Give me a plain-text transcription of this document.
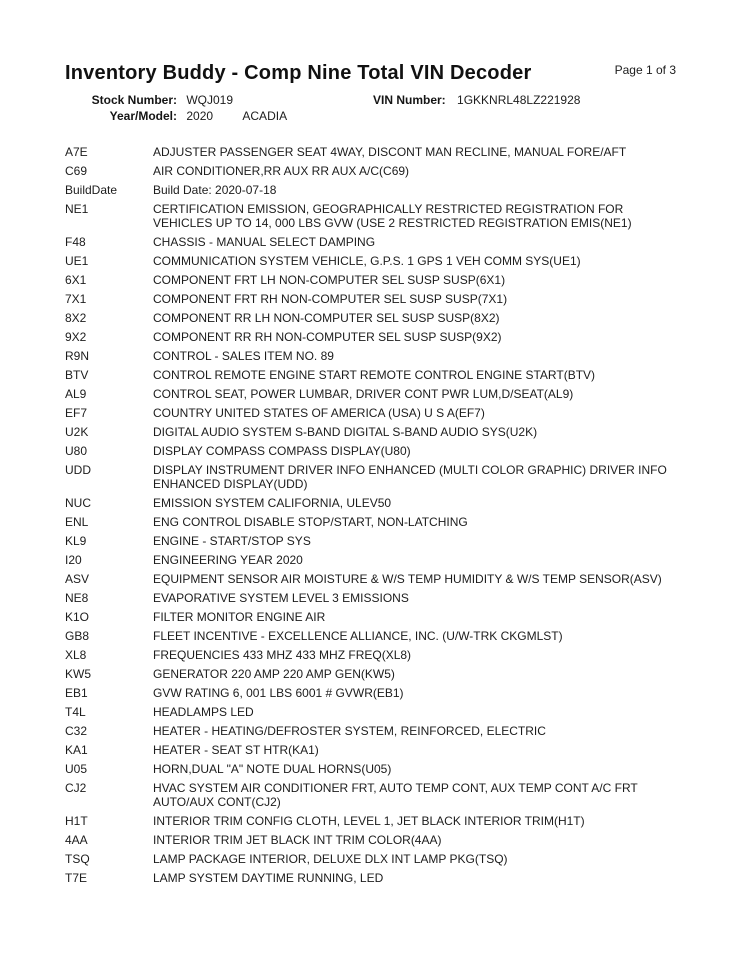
Inventory Buddy - Comp Nine Total VIN Decoder	Page 1 of 3
Stock Number: WQJ019	VIN Number: 1GKKNRL48LZ221928
Year/Model: 2020 ACADIA
A7E	ADJUSTER PASSENGER SEAT 4WAY, DISCONT MAN RECLINE, MANUAL FORE/AFT
C69	AIR CONDITIONER,RR AUX RR AUX A/C(C69)
BuildDate	Build Date: 2020-07-18
NE1	CERTIFICATION EMISSION, GEOGRAPHICALLY RESTRICTED REGISTRATION FOR VEHICLES UP TO 14, 000 LBS GVW (USE 2 RESTRICTED REGISTRATION EMIS(NE1)
F48	CHASSIS - MANUAL SELECT DAMPING
UE1	COMMUNICATION SYSTEM VEHICLE, G.P.S. 1 GPS 1 VEH COMM SYS(UE1)
6X1	COMPONENT FRT LH NON-COMPUTER SEL SUSP SUSP(6X1)
7X1	COMPONENT FRT RH NON-COMPUTER SEL SUSP SUSP(7X1)
8X2	COMPONENT RR LH NON-COMPUTER SEL SUSP SUSP(8X2)
9X2	COMPONENT RR RH NON-COMPUTER SEL SUSP SUSP(9X2)
R9N	CONTROL - SALES ITEM NO. 89
BTV	CONTROL REMOTE ENGINE START REMOTE CONTROL ENGINE START(BTV)
AL9	CONTROL SEAT, POWER LUMBAR, DRIVER CONT PWR LUM,D/SEAT(AL9)
EF7	COUNTRY UNITED STATES OF AMERICA (USA) U S A(EF7)
U2K	DIGITAL AUDIO SYSTEM S-BAND DIGITAL S-BAND AUDIO SYS(U2K)
U80	DISPLAY COMPASS COMPASS DISPLAY(U80)
UDD	DISPLAY INSTRUMENT DRIVER INFO ENHANCED (MULTI COLOR GRAPHIC) DRIVER INFO ENHANCED DISPLAY(UDD)
NUC	EMISSION SYSTEM CALIFORNIA, ULEV50
ENL	ENG CONTROL DISABLE STOP/START, NON-LATCHING
KL9	ENGINE - START/STOP SYS
I20	ENGINEERING YEAR 2020
ASV	EQUIPMENT SENSOR AIR MOISTURE & W/S TEMP HUMIDITY & W/S TEMP SENSOR(ASV)
NE8	EVAPORATIVE SYSTEM LEVEL 3 EMISSIONS
K1O	FILTER MONITOR ENGINE AIR
GB8	FLEET INCENTIVE - EXCELLENCE ALLIANCE, INC. (U/W-TRK CKGMLST)
XL8	FREQUENCIES 433 MHZ 433 MHZ FREQ(XL8)
KW5	GENERATOR 220 AMP 220 AMP GEN(KW5)
EB1	GVW RATING 6, 001 LBS 6001 # GVWR(EB1)
T4L	HEADLAMPS LED
C32	HEATER - HEATING/DEFROSTER SYSTEM, REINFORCED, ELECTRIC
KA1	HEATER - SEAT ST HTR(KA1)
U05	HORN,DUAL "A" NOTE DUAL HORNS(U05)
CJ2	HVAC SYSTEM AIR CONDITIONER FRT, AUTO TEMP CONT, AUX TEMP CONT A/C FRT AUTO/AUX CONT(CJ2)
H1T	INTERIOR TRIM CONFIG CLOTH, LEVEL 1, JET BLACK INTERIOR TRIM(H1T)
4AA	INTERIOR TRIM JET BLACK INT TRIM COLOR(4AA)
TSQ	LAMP PACKAGE INTERIOR, DELUXE DLX INT LAMP PKG(TSQ)
T7E	LAMP SYSTEM DAYTIME RUNNING, LED
